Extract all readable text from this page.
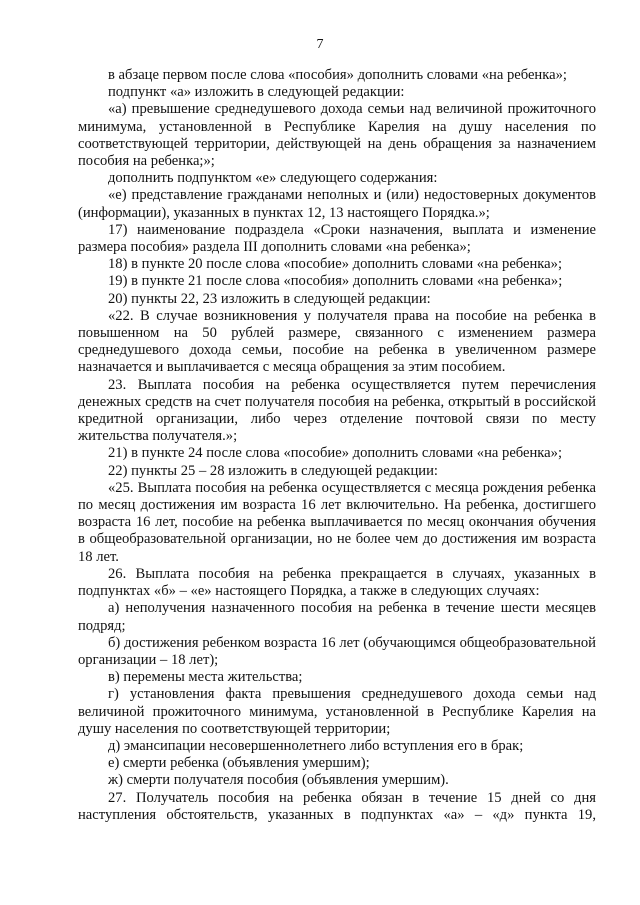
7

в абзаце первом после слова «пособия» дополнить словами «на ребенка»;

подпункт «а» изложить в следующей редакции:

«а) превышение среднедушевого дохода семьи над величиной прожиточного минимума, установленной в Республике Карелия на душу населения по соответствующей территории, действующей на день обращения за назначением пособия на ребенка;»;

дополнить подпунктом «е» следующего содержания:

«е) представление гражданами неполных и (или) недостоверных документов (информации), указанных в пунктах 12, 13 настоящего Порядка.»;

17) наименование подраздела «Сроки назначения, выплата и изменение размера пособия» раздела III дополнить словами «на ребенка»;

18) в пункте 20 после слова «пособие» дополнить словами «на ребенка»;

19) в пункте 21 после слова «пособия» дополнить словами «на ребенка»;

20) пункты 22, 23 изложить в следующей редакции:

«22. В случае возникновения у получателя права на пособие на ребенка в повышенном на 50 рублей размере, связанного с изменением размера среднедушевого дохода семьи, пособие на ребенка в увеличенном размере назначается и выплачивается с месяца обращения за этим пособием.

23. Выплата пособия на ребенка осуществляется путем перечисления денежных средств на счет получателя пособия на ребенка, открытый в российской кредитной организации, либо через отделение почтовой связи по месту жительства получателя.»;

21) в пункте 24 после слова «пособие» дополнить словами «на ребенка»;

22) пункты 25 – 28 изложить в следующей редакции:

«25. Выплата пособия на ребенка осуществляется с месяца рождения ребенка по месяц достижения им возраста 16 лет включительно. На ребенка, достигшего возраста 16 лет, пособие на ребенка выплачивается по месяц окончания обучения в общеобразовательной организации, но не более чем до достижения им возраста 18 лет.

26. Выплата пособия на ребенка прекращается в случаях, указанных в подпунктах «б» – «е» настоящего Порядка, а также в следующих случаях:

а) неполучения назначенного пособия на ребенка в течение шести месяцев подряд;

б) достижения ребенком возраста 16 лет (обучающимся общеобразовательной организации – 18 лет);

в) перемены места жительства;

г) установления факта превышения среднедушевого дохода семьи над величиной прожиточного минимума, установленной в Республике Карелия на душу населения по соответствующей территории;

д) эмансипации несовершеннолетнего либо вступления его в брак;

е) смерти ребенка (объявления умершим);

ж) смерти получателя пособия (объявления умершим).

27. Получатель пособия на ребенка обязан в течение 15 дней со дня наступления обстоятельств, указанных в подпунктах «а» – «д» пункта 19,
